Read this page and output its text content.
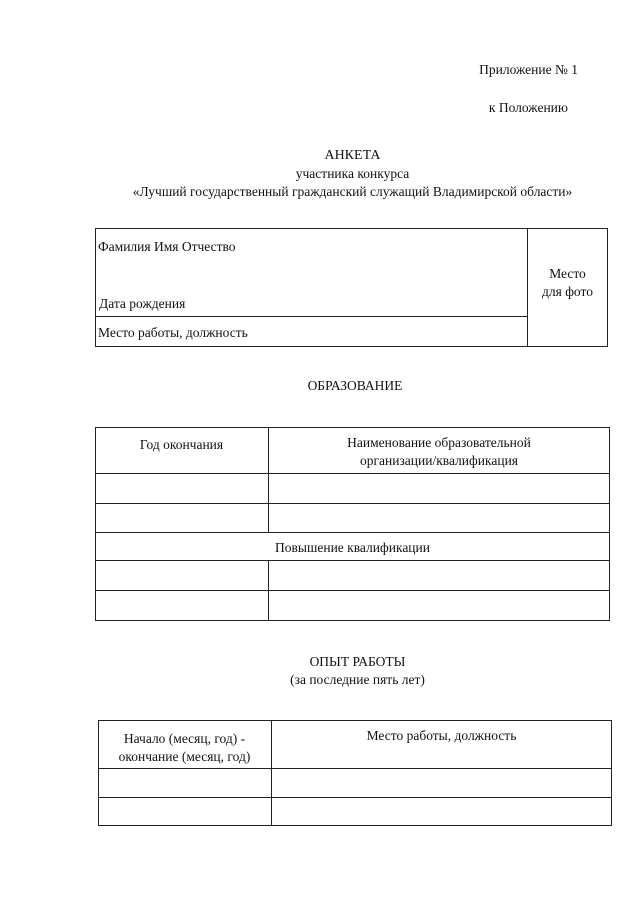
Приложение № 1
к Положению
АНКЕТА
участника конкурса
«Лучший государственный гражданский служащий Владимирской области»
Фамилия Имя Отчество
Дата рождения
Место работы, должность
Место
для фото
ОБРАЗОВАНИЕ
Год окончания	Наименование образовательной
организации/квалификация
Повышение квалификации
ОПЫТ РАБОТЫ
(за последние пять лет)
Начало (месяц, год) -
окончание (месяц, год)
Место работы, должность
